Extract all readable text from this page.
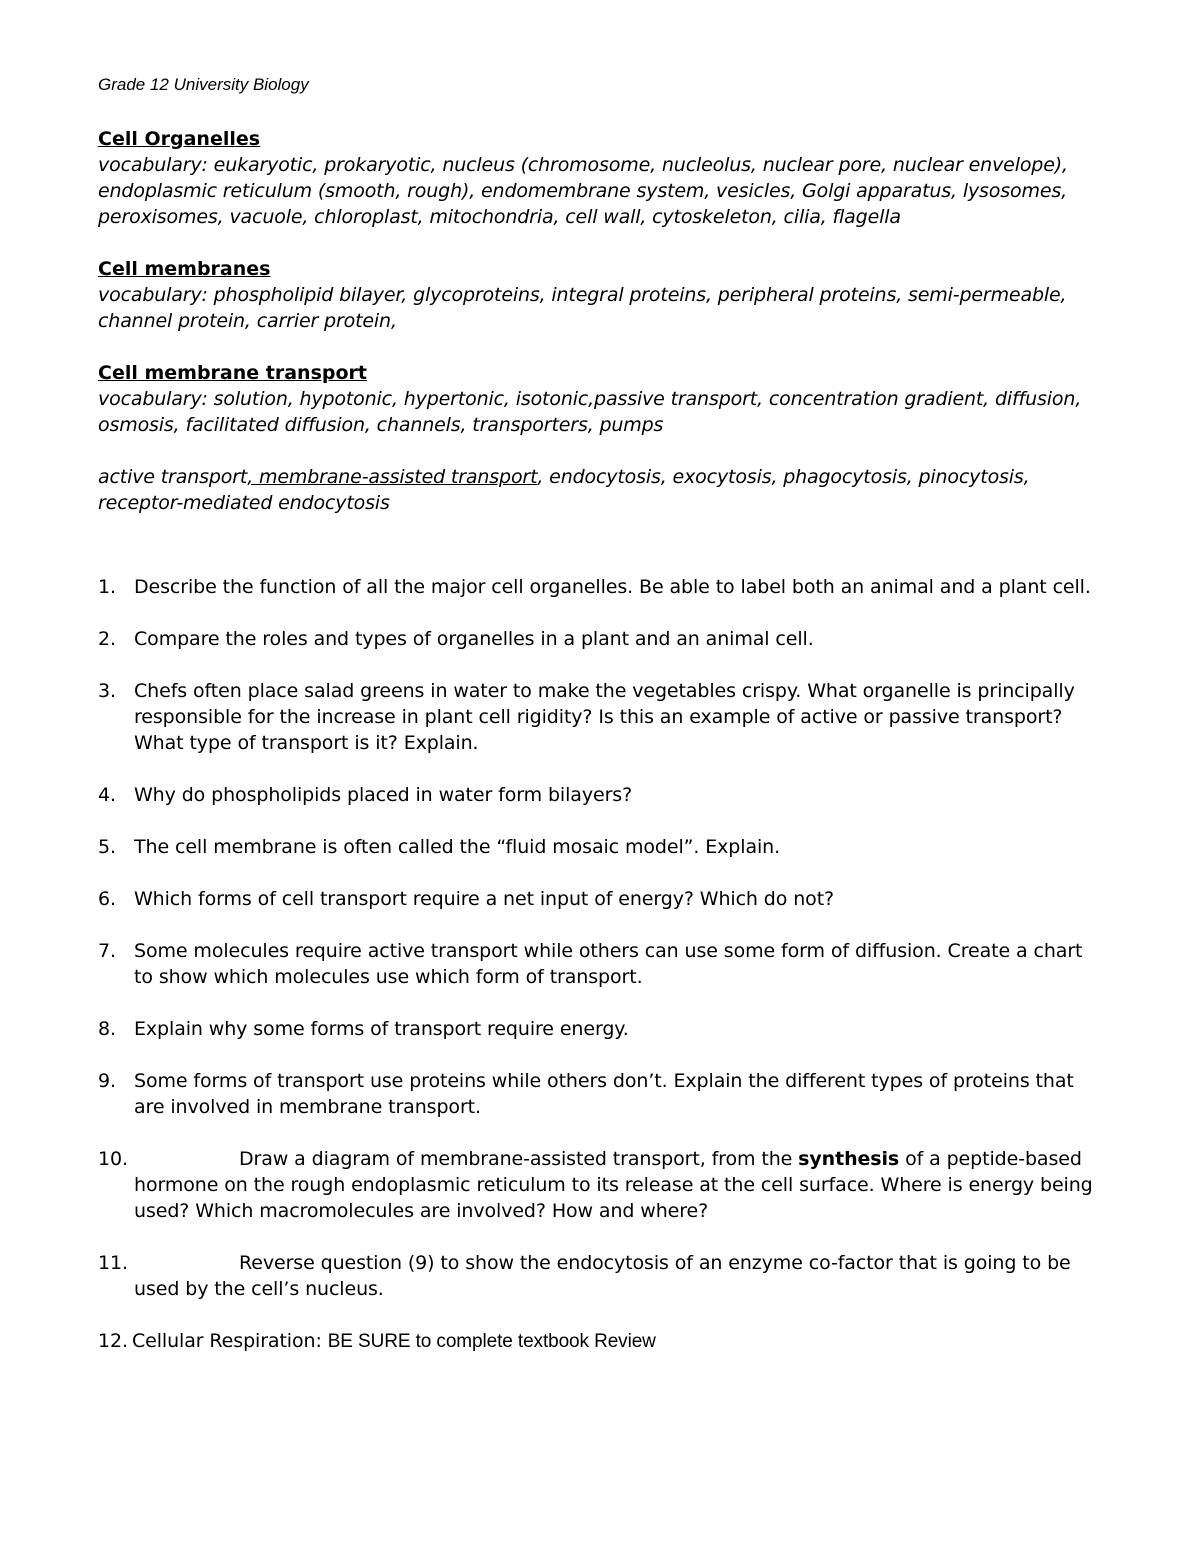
Grade 12 University Biology
Cell Organelles
vocabulary: eukaryotic, prokaryotic, nucleus (chromosome, nucleolus, nuclear pore, nuclear envelope), endoplasmic reticulum (smooth, rough), endomembrane system, vesicles, Golgi apparatus, lysosomes, peroxisomes, vacuole, chloroplast, mitochondria, cell wall, cytoskeleton, cilia, flagella
Cell membranes
vocabulary: phospholipid bilayer, glycoproteins, integral proteins, peripheral proteins, semi-permeable, channel protein, carrier protein,
Cell membrane transport
vocabulary: solution, hypotonic, hypertonic, isotonic,passive transport, concentration gradient, diffusion, osmosis, facilitated diffusion, channels, transporters, pumps
active transport, membrane-assisted transport, endocytosis, exocytosis, phagocytosis, pinocytosis, receptor-mediated endocytosis
1. Describe the function of all the major cell organelles. Be able to label both an animal and a plant cell.
2. Compare the roles and types of organelles in a plant and an animal cell.
3. Chefs often place salad greens in water to make the vegetables crispy. What organelle is principally responsible for the increase in plant cell rigidity? Is this an example of active or passive transport? What type of transport is it? Explain.
4. Why do phospholipids placed in water form bilayers?
5. The cell membrane is often called the “fluid mosaic model”. Explain.
6. Which forms of cell transport require a net input of energy? Which do not?
7. Some molecules require active transport while others can use some form of diffusion. Create a chart to show which molecules use which form of transport.
8. Explain why some forms of transport require energy.
9. Some forms of transport use proteins while others don’t. Explain the different types of proteins that are involved in membrane transport.
10.	Draw a diagram of membrane-assisted transport, from the synthesis of a peptide-based hormone on the rough endoplasmic reticulum to its release at the cell surface. Where is energy being used? Which macromolecules are involved? How and where?
11.	Reverse question (9) to show the endocytosis of an enzyme co-factor that is going to be used by the cell’s nucleus.
12. Cellular Respiration: BE SURE to complete textbook Review
